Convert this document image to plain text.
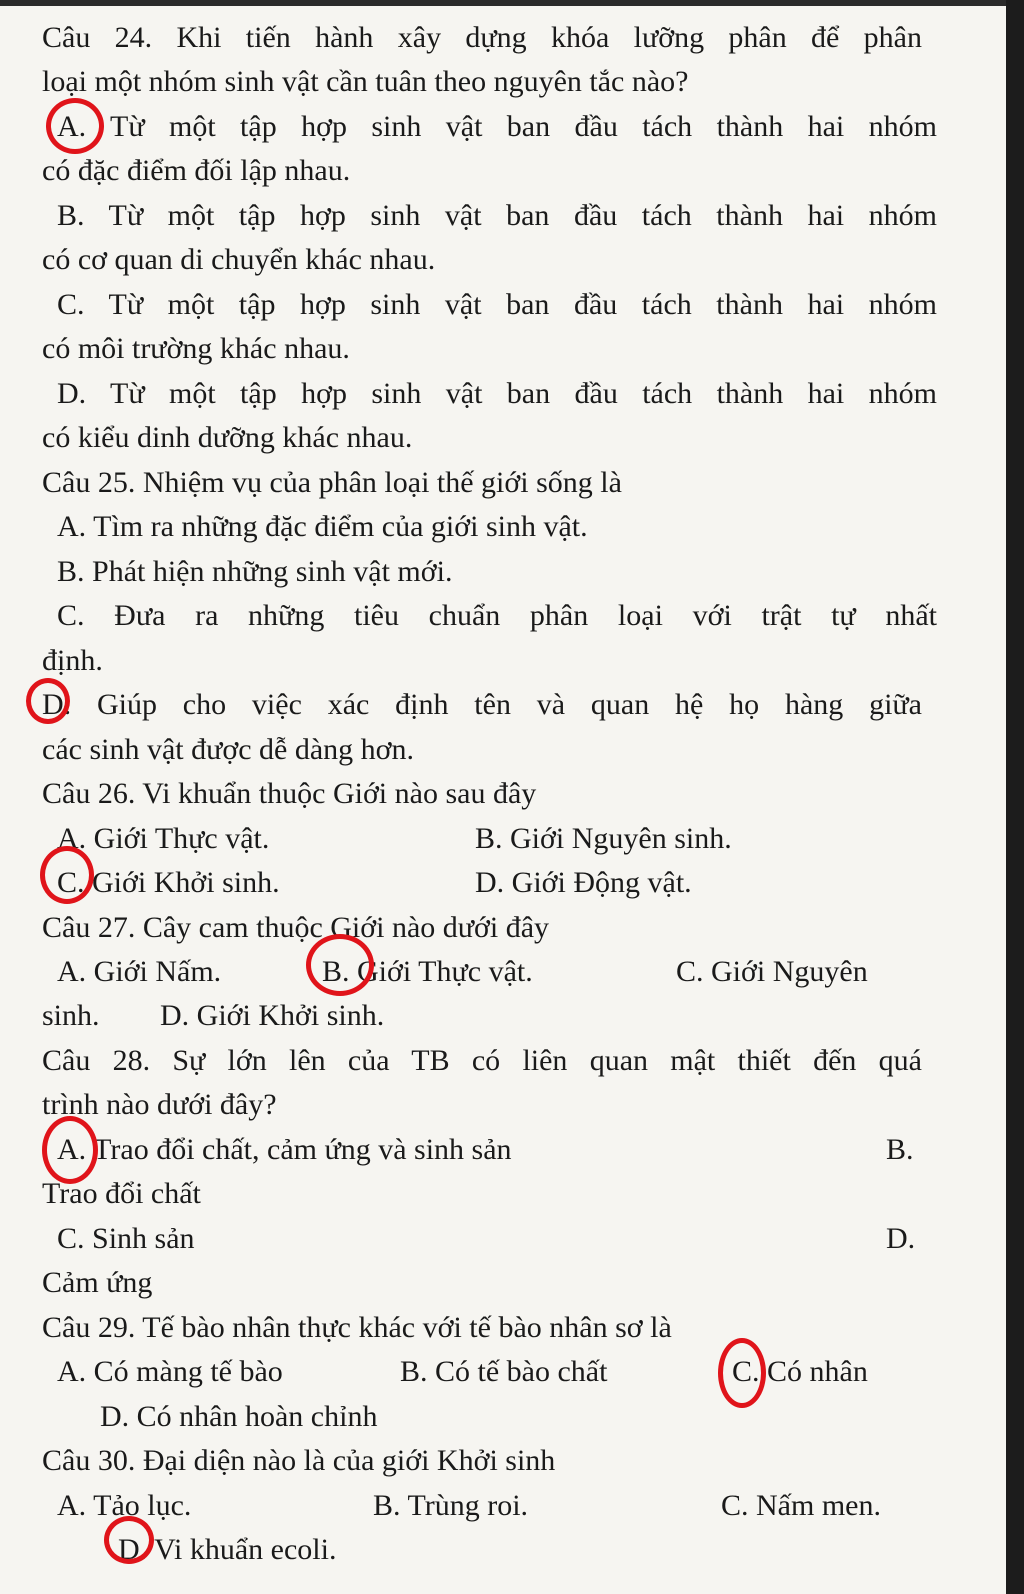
Câu 24. Khi tiến hành xây dựng khóa lưỡng phân để phân
loại một nhóm sinh vật cần tuân theo nguyên tắc nào?
A. Từ một tập hợp sinh vật ban đầu tách thành hai nhóm
có đặc điểm đối lập nhau.
B. Từ một tập hợp sinh vật ban đầu tách thành hai nhóm
có cơ quan di chuyển khác nhau.
C. Từ một tập hợp sinh vật ban đầu tách thành hai nhóm
có môi trường khác nhau.
D. Từ một tập hợp sinh vật ban đầu tách thành hai nhóm
có kiểu dinh dưỡng khác nhau.
Câu 25. Nhiệm vụ của phân loại thế giới sống là
A. Tìm ra những đặc điểm của giới sinh vật.
B. Phát hiện những sinh vật mới.
C. Đưa ra những tiêu chuẩn phân loại với trật tự nhất
định.
D. Giúp cho việc xác định tên và quan hệ họ hàng giữa
các sinh vật được dễ dàng hơn.
Câu 26. Vi khuẩn thuộc Giới nào sau đây
A. Giới Thực vật.	B. Giới Nguyên sinh.
C. Giới Khởi sinh.	D. Giới Động vật.
Câu 27. Cây cam thuộc Giới nào dưới đây
A. Giới Nấm.	B. Giới Thực vật.	C. Giới Nguyên
sinh.	D. Giới Khởi sinh.
Câu 28. Sự lớn lên của TB có liên quan mật thiết đến quá
trình nào dưới đây?
A. Trao đổi chất, cảm ứng và sinh sản	B.
Trao đổi chất
C. Sinh sản	D.
Cảm ứng
Câu 29. Tế bào nhân thực khác với tế bào nhân sơ là
A. Có màng tế bào	B. Có tế bào chất	C. Có nhân
D. Có nhân hoàn chỉnh
Câu 30. Đại diện nào là của giới Khởi sinh
A. Tảo lục.	B. Trùng roi.	C. Nấm men.
D. Vi khuẩn ecoli.
